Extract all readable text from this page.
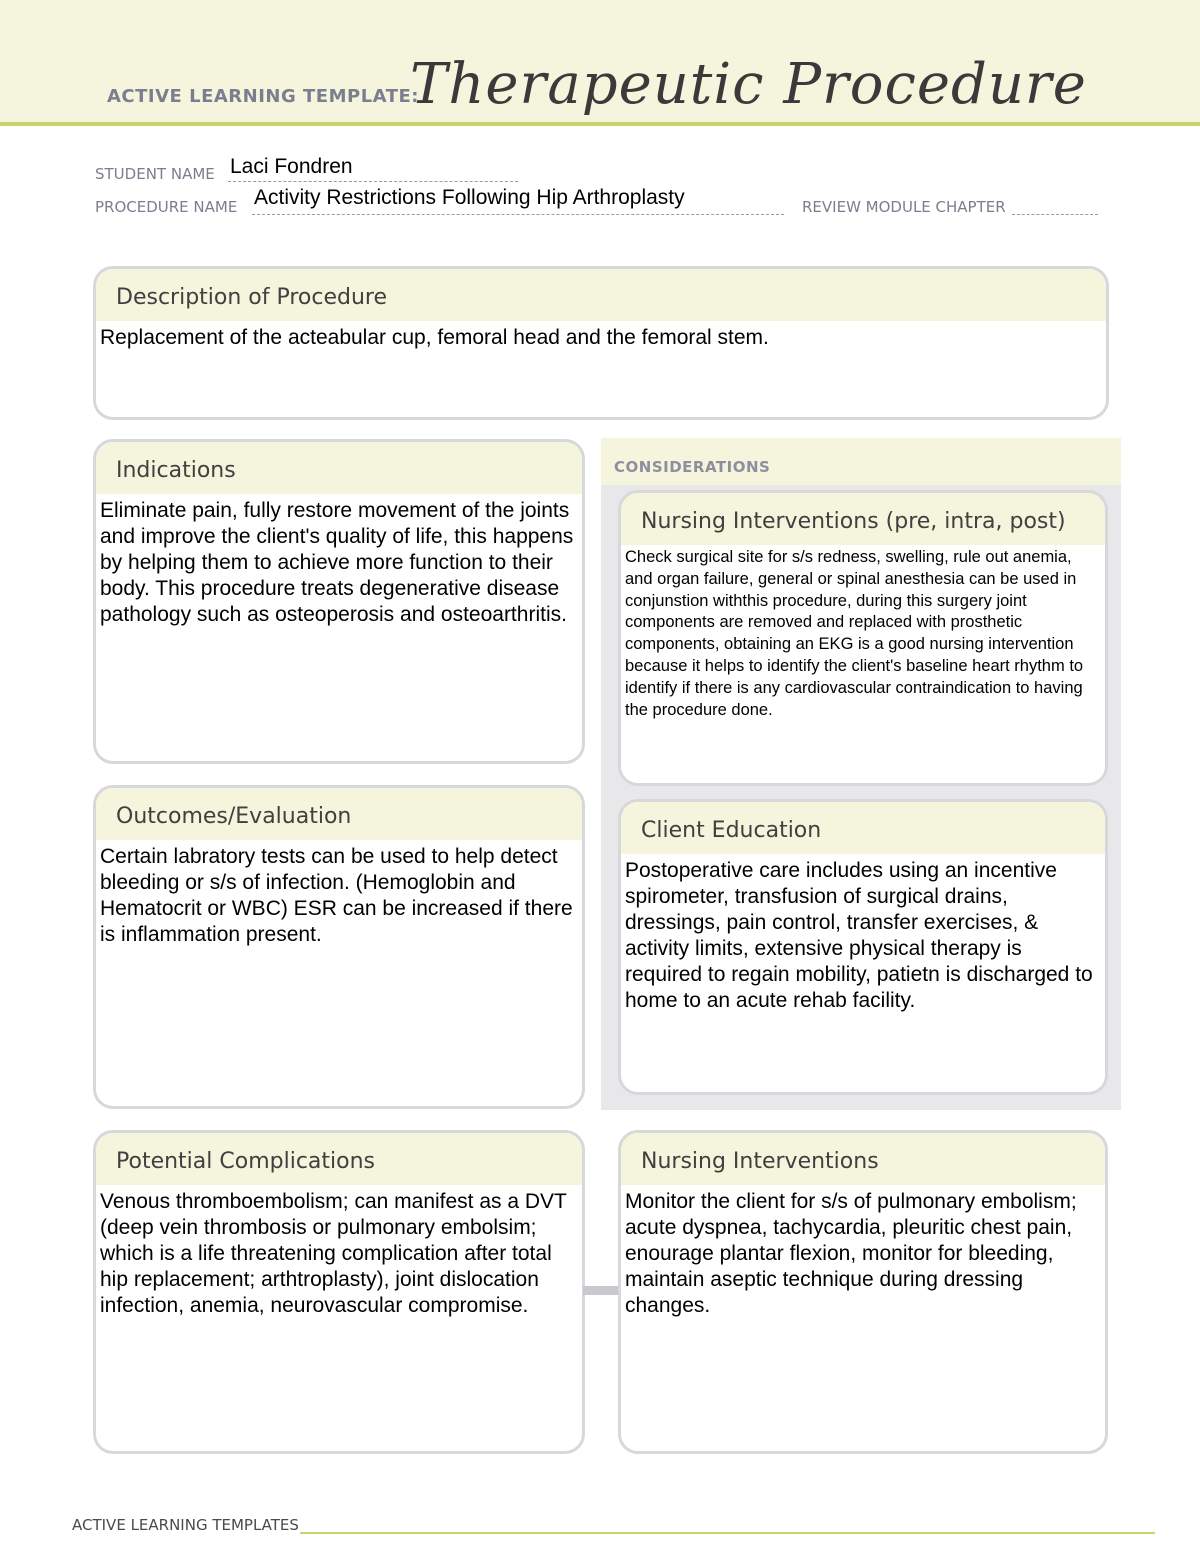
ACTIVE LEARNING TEMPLATE:
Therapeutic Procedure
STUDENT NAME Laci Fondren
PROCEDURE NAME Activity Restrictions Following Hip Arthroplasty	REVIEW MODULE CHAPTER
Description of Procedure
Replacement of the acteabular cup, femoral head and the femoral stem.
Indications
Eliminate pain, fully restore movement of the joints and improve the client's quality of life, this happens by helping them to achieve more function to their body. This procedure treats degenerative disease pathology such as osteoperosis and osteoarthritis.
Outcomes/Evaluation
Certain labratory tests can be used to help detect bleeding or s/s of infection. (Hemoglobin and Hematocrit or WBC) ESR can be increased if there is inflammation present.
CONSIDERATIONS
Nursing Interventions (pre, intra, post)
Check surgical site for s/s redness, swelling, rule out anemia, and organ failure, general or spinal anesthesia can be used in conjunstion withthis procedure, during this surgery joint components are removed and replaced with prosthetic components, obtaining an EKG is a good nursing intervention because it helps to identify the client's baseline heart rhythm to identify if there is any cardiovascular contraindication to having the procedure done.
Client Education
Postoperative care includes using an incentive spirometer, transfusion of surgical drains, dressings, pain control, transfer exercises, & activity limits, extensive physical therapy is required to regain mobility, patietn is discharged to home to an acute rehab facility.
Potential Complications
Venous thromboembolism; can manifest as a DVT (deep vein thrombosis or pulmonary embolsim; which is a life threatening complication after total hip replacement; arthtroplasty), joint dislocation infection, anemia, neurovascular compromise.
Nursing Interventions
Monitor the client for s/s of pulmonary embolism; acute dyspnea, tachycardia, pleuritic chest pain, enourage plantar flexion, monitor for bleeding, maintain aseptic technique during dressing changes.
ACTIVE LEARNING TEMPLATES
